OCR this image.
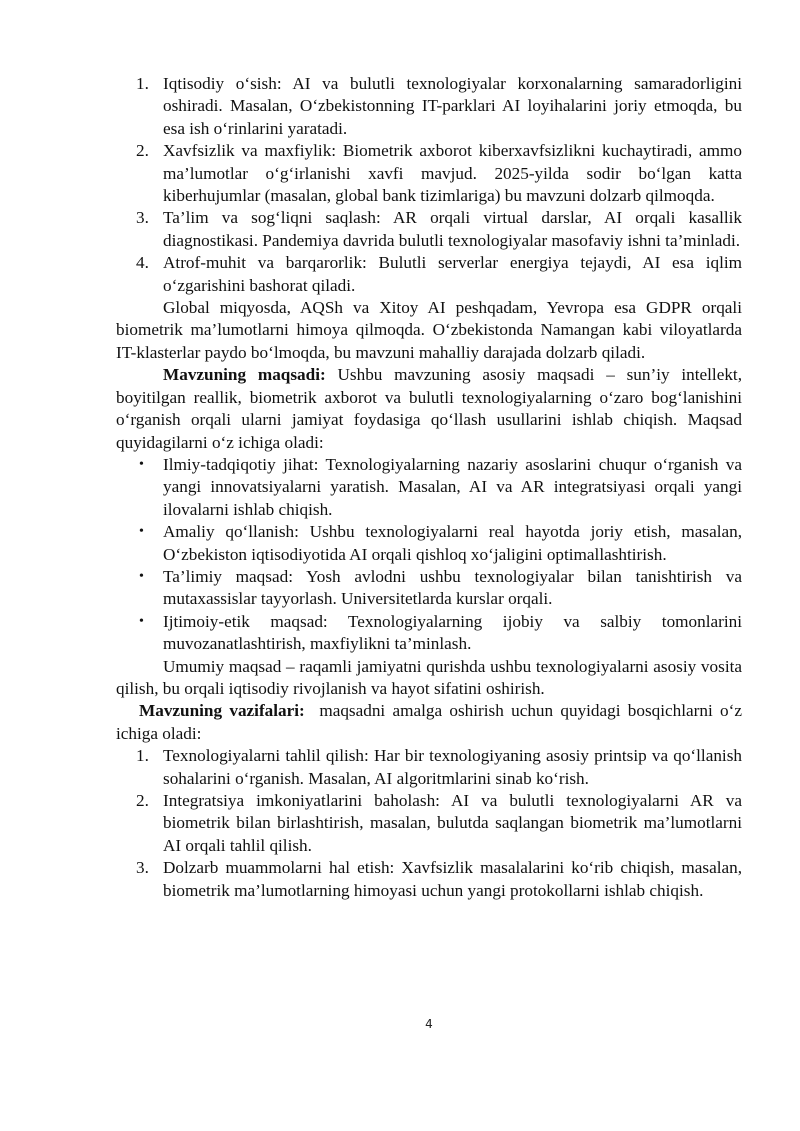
1. Iqtisodiy o‘sish: AI va bulutli texnologiyalar korxonalarning samaradorligini oshiradi. Masalan, O‘zbekistonning IT-parklari AI loyihalarini joriy etmoqda, bu esa ish o‘rinlarini yaratadi.
2. Xavfsizlik va maxfiylik: Biometrik axborot kiberxavfsizlikni kuchaytiradi, ammo ma’lumotlar o‘g‘irlanishi xavfi mavjud. 2025-yilda sodir bo‘lgan katta kiberhujumlar (masalan, global bank tizimlariga) bu mavzuni dolzarb qilmoqda.
3. Ta’lim va sog‘liqni saqlash: AR orqali virtual darslar, AI orqali kasallik diagnostikasi. Pandemiya davrida bulutli texnologiyalar masofaviy ishni ta’minladi.
4. Atrof-muhit va barqarorlik: Bulutli serverlar energiya tejaydi, AI esa iqlim o‘zgarishini bashorat qiladi.

Global miqyosda, AQSh va Xitoy AI peshqadam, Yevropa esa GDPR orqali biometrik ma’lumotlarni himoya qilmoqda. O‘zbekistonda Namangan kabi viloyatlarda IT-klasterlar paydo bo‘lmoqda, bu mavzuni mahalliy darajada dolzarb qiladi.

Mavzuning maqsadi: Ushbu mavzuning asosiy maqsadi – sun’iy intellekt, boyitilgan reallik, biometrik axborot va bulutli texnologiyalarning o‘zaro bog‘lanishini o‘rganish orqali ularni jamiyat foydasiga qo‘llash usullarini ishlab chiqish. Maqsad quyidagilarni o‘z ichiga oladi:

• Ilmiy-tadqiqotiy jihat: Texnologiyalarning nazariy asoslarini chuqur o‘rganish va yangi innovatsiyalarni yaratish. Masalan, AI va AR integratsiyasi orqali yangi ilovalarni ishlab chiqish.
• Amaliy qo‘llanish: Ushbu texnologiyalarni real hayotda joriy etish, masalan, O‘zbekiston iqtisodiyotida AI orqali qishloq xo‘jaligini optimallashtirish.
• Ta’limiy maqsad: Yosh avlodni ushbu texnologiyalar bilan tanishtirish va mutaxassislar tayyorlash. Universitetlarda kurslar orqali.
• Ijtimoiy-etik maqsad: Texnologiyalarning ijobiy va salbiy tomonlarini muvozanatlashtirish, maxfiylikni ta’minlash.

Umumiy maqsad – raqamli jamiyatni qurishda ushbu texnologiyalarni asosiy vosita qilish, bu orqali iqtisodiy rivojlanish va hayot sifatini oshirish.

Mavzuning vazifalari:  maqsadni amalga oshirish uchun quyidagi bosqichlarni o‘z ichiga oladi:

1. Texnologiyalarni tahlil qilish: Har bir texnologiyaning asosiy printsip va qo‘llanish sohalarini o‘rganish. Masalan, AI algoritmlarini sinab ko‘rish.
2. Integratsiya imkoniyatlarini baholash: AI va bulutli texnologiyalarni AR va biometrik bilan birlashtirish, masalan, bulutda saqlangan biometrik ma’lumotlarni AI orqali tahlil qilish.
3. Dolzarb muammolarni hal etish: Xavfsizlik masalalarini ko‘rib chiqish, masalan, biometrik ma’lumotlarning himoyasi uchun yangi protokollarni ishlab chiqish.
4
